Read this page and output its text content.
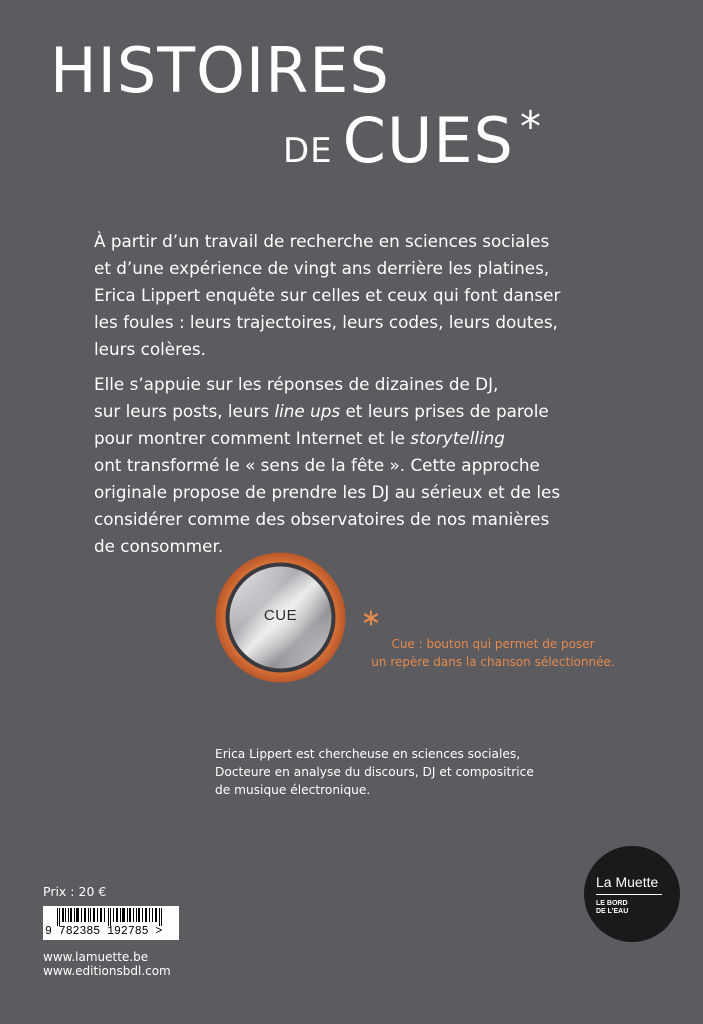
HISTOIRES
DE CUES *

À partir d’un travail de recherche en sciences sociales
et d’une expérience de vingt ans derrière les platines,
Erica Lippert enquête sur celles et ceux qui font danser
les foules : leurs trajectoires, leurs codes, leurs doutes,
leurs colères.

Elle s’appuie sur les réponses de dizaines de DJ,
sur leurs posts, leurs line ups et leurs prises de parole
pour montrer comment Internet et le storytelling
ont transformé le « sens de la fête ». Cette approche
originale propose de prendre les DJ au sérieux et de les
considérer comme des observatoires de nos manières
de consommer.

CUE
Cue : bouton qui permet de poser
un repère dans la chanson sélectionnée.
Erica Lippert est chercheuse en sciences sociales,
Docteure en analyse du discours, DJ et compositrice
de musique électronique.
La Muette
LE BORD
DE L’EAU
Prix : 20 €
9 782385 192785 >
www.lamuette.be
www.editionsbdl.com
